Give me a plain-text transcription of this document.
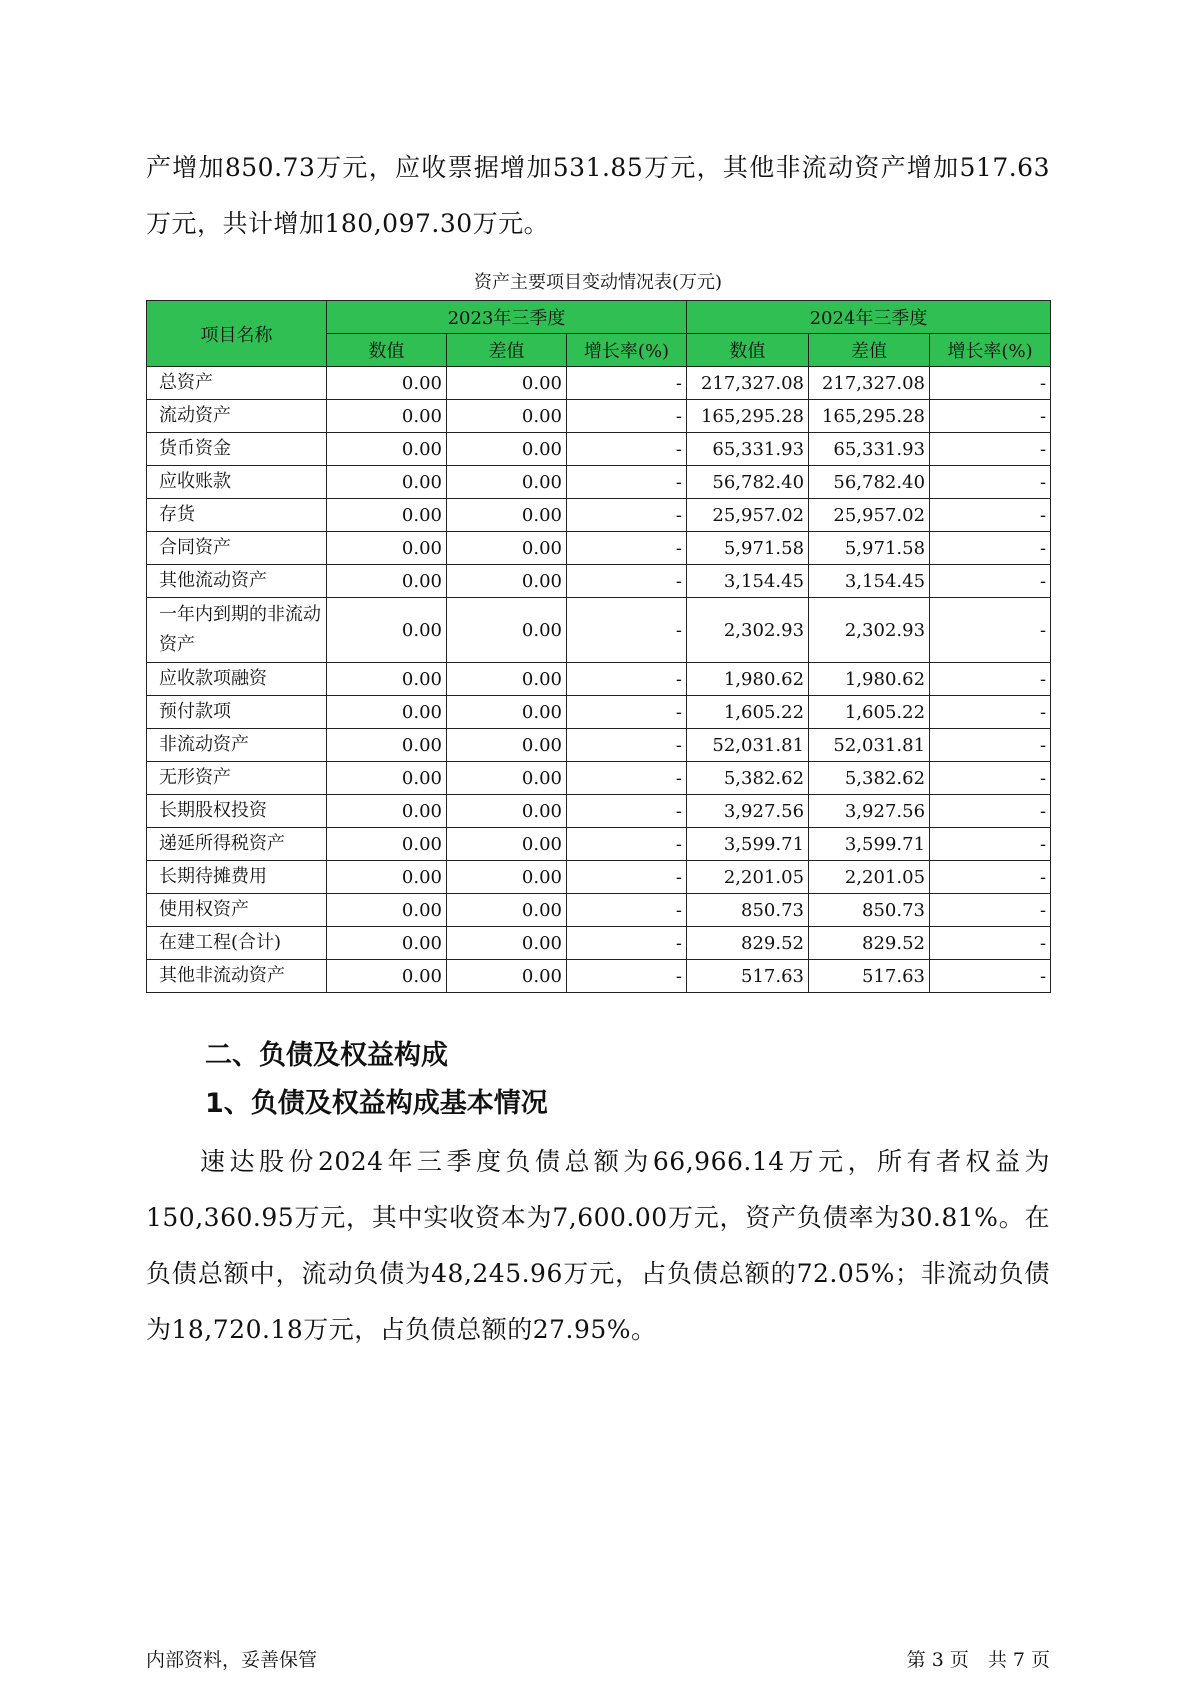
产增加850.73万元，应收票据增加531.85万元，其他非流动资产增加517.63万元，共计增加180,097.30万元。

资产主要项目变动情况表(万元)
项目名称	2023年三季度			2024年三季度		
	数值	差值	增长率(%)	数值	差值	增长率(%)
总资产	0.00	0.00	-	217,327.08	217,327.08	-
流动资产	0.00	0.00	-	165,295.28	165,295.28	-
货币资金	0.00	0.00	-	65,331.93	65,331.93	-
应收账款	0.00	0.00	-	56,782.40	56,782.40	-
存货	0.00	0.00	-	25,957.02	25,957.02	-
合同资产	0.00	0.00	-	5,971.58	5,971.58	-
其他流动资产	0.00	0.00	-	3,154.45	3,154.45	-
一年内到期的非流动资产	0.00	0.00	-	2,302.93	2,302.93	-
应收款项融资	0.00	0.00	-	1,980.62	1,980.62	-
预付款项	0.00	0.00	-	1,605.22	1,605.22	-
非流动资产	0.00	0.00	-	52,031.81	52,031.81	-
无形资产	0.00	0.00	-	5,382.62	5,382.62	-
长期股权投资	0.00	0.00	-	3,927.56	3,927.56	-
递延所得税资产	0.00	0.00	-	3,599.71	3,599.71	-
长期待摊费用	0.00	0.00	-	2,201.05	2,201.05	-
使用权资产	0.00	0.00	-	850.73	850.73	-
在建工程(合计)	0.00	0.00	-	829.52	829.52	-
其他非流动资产	0.00	0.00	-	517.63	517.63	-
二、负债及权益构成
1、负债及权益构成基本情况

速达股份2024年三季度负债总额为66,966.14万元，所有者权益为150,360.95万元，其中实收资本为7,600.00万元，资产负债率为30.81%。在负债总额中，流动负债为48,245.96万元，占负债总额的72.05%；非流动负债为18,720.18万元，占负债总额的27.95%。

内部资料，妥善保管	第 3 页　共 7 页
